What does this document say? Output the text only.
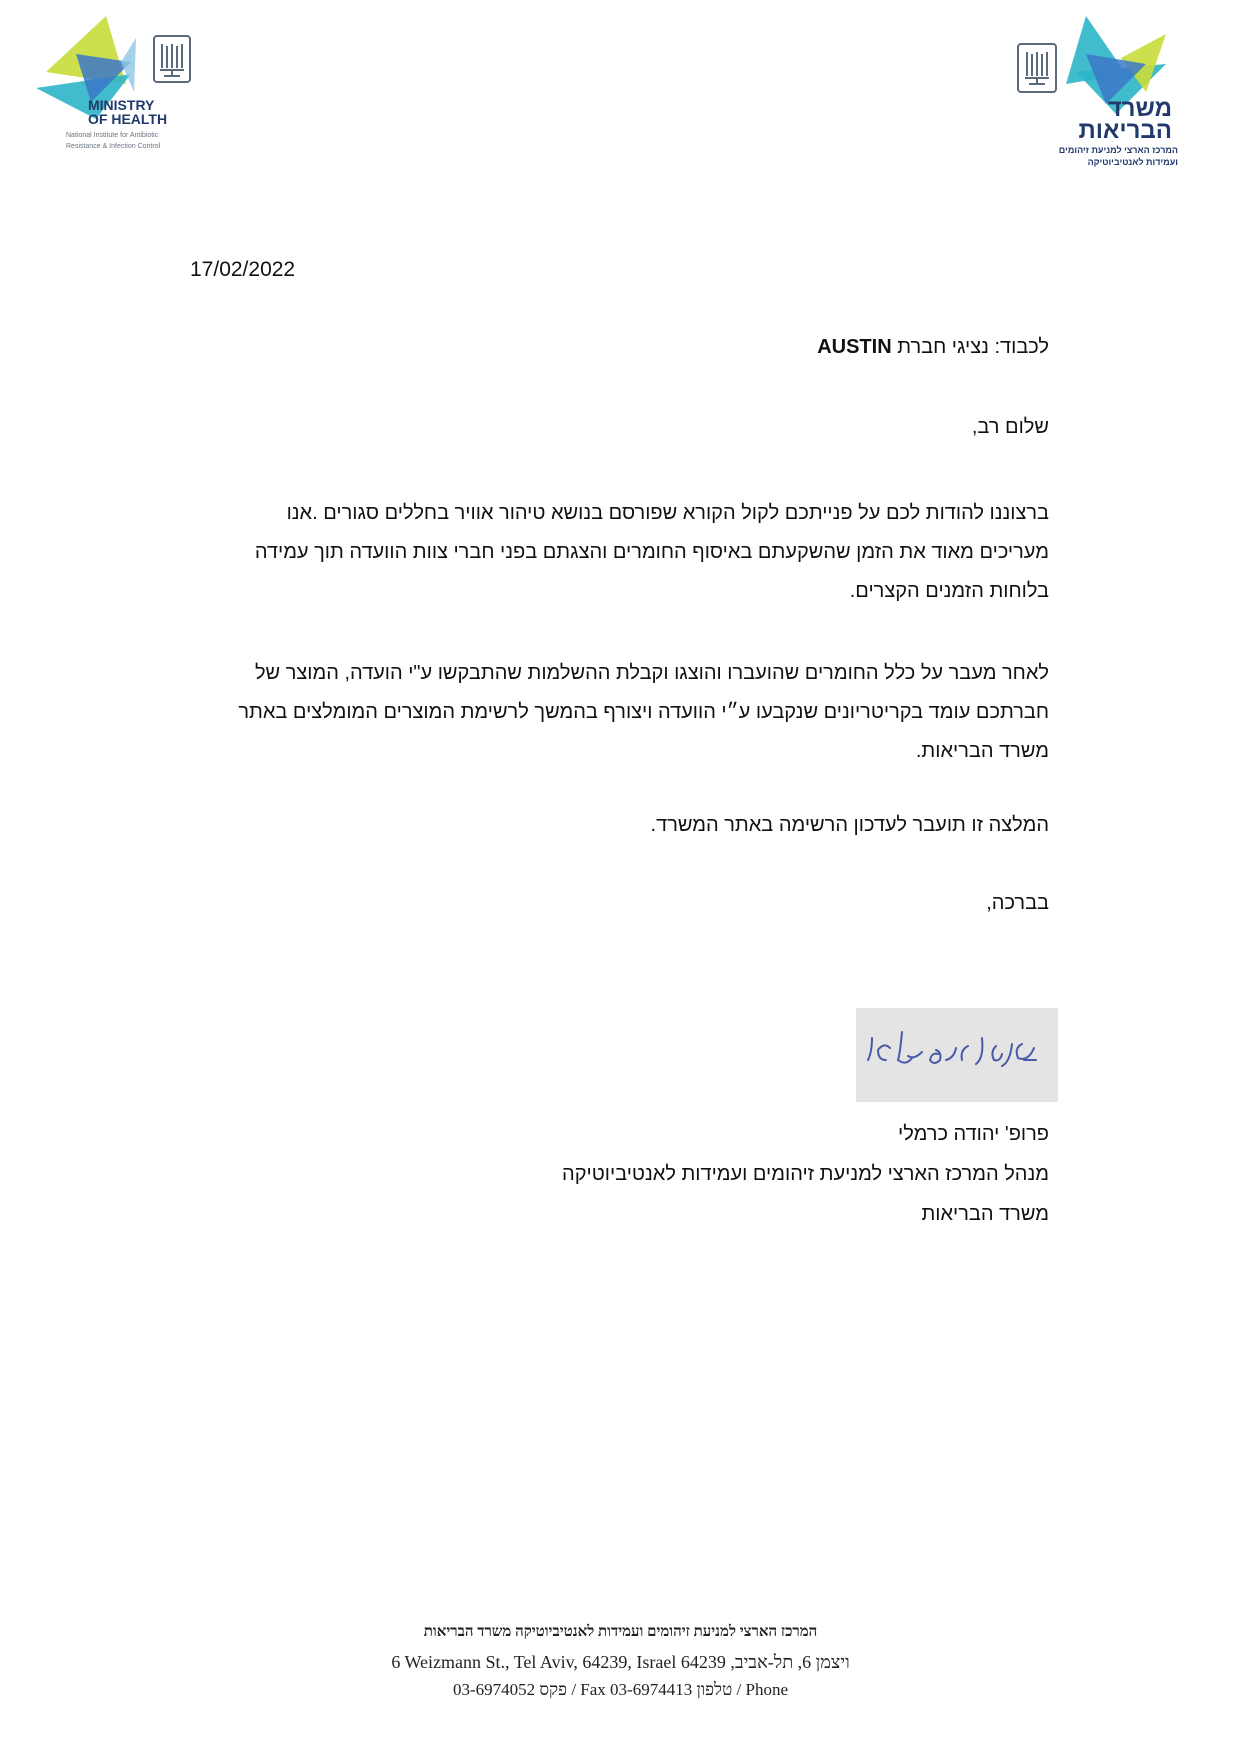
MINISTRY
OF HEALTH
National Institute for Antibiotic
Resistance & Infection Control
משרד
הבריאות
המרכז הארצי למניעת זיהומים
ועמידות לאנטיביוטיקה
17/02/2022
לכבוד: נציגי חברת AUSTIN
שלום רב,
ברצוננו להודות לכם על פנייתכם לקול הקורא שפורסם בנושא טיהור אוויר בחללים סגורים .אנו
מעריכים מאוד את הזמן שהשקעתם באיסוף החומרים והצגתם בפני חברי צוות הוועדה תוך עמידה
בלוחות הזמנים הקצרים.
לאחר מעבר על כלל החומרים שהועברו והוצגו וקבלת ההשלמות שהתבקשו ע"י הועדה, המוצר של
חברתכם עומד בקריטריונים שנקבעו ע״י הוועדה ויצורף בהמשך לרשימת המוצרים המומלצים באתר
משרד הבריאות.
המלצה זו תועבר לעדכון הרשימה באתר המשרד.
בברכה,
פרופ' יהודה כרמלי
מנהל המרכז הארצי למניעת זיהומים ועמידות לאנטיביוטיקה
משרד הבריאות
המרכז הארצי למניעת זיהומים ועמידות לאנטיביוטיקה משרד הבריאות
6 Weizmann St., Tel Aviv, 64239, Israel 64239 ,ויצמן 6, תל-אביב
03-6974052 פקס / Fax 03-6974413 טלפון / Phone
